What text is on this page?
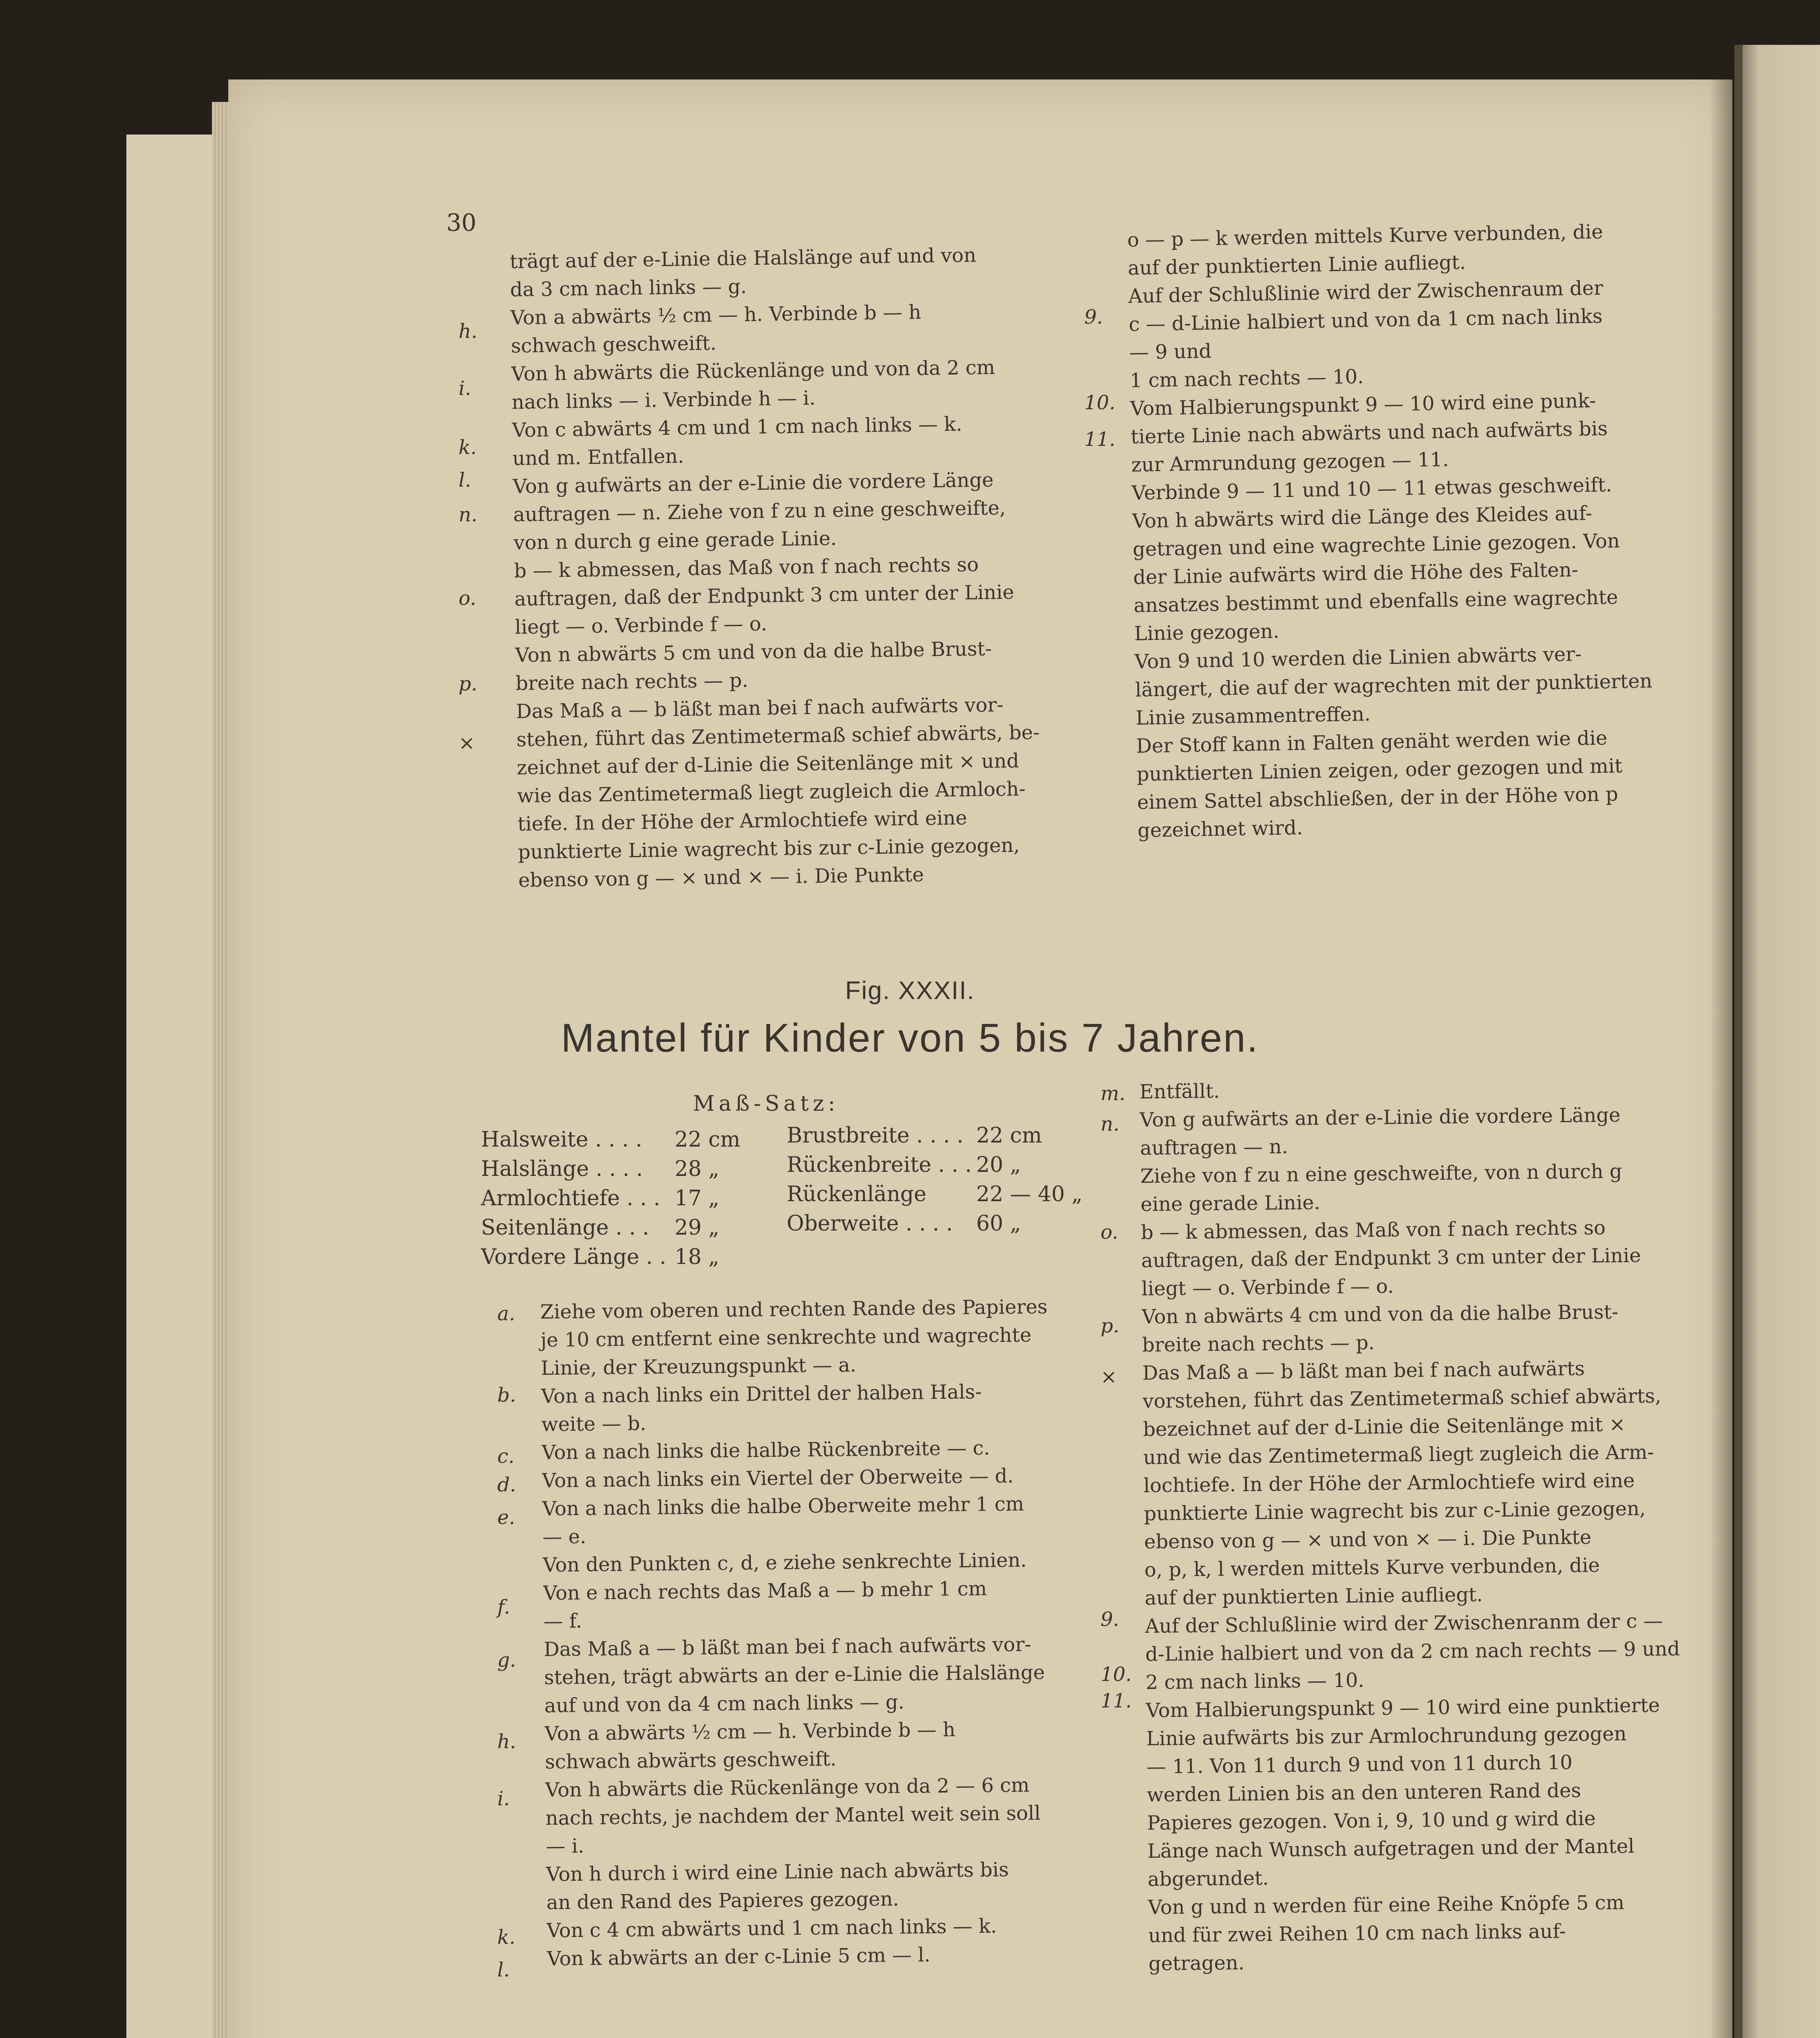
30
trägt auf der e-Linie die Halslänge auf und von
da 3 cm nach links — g.
Von a abwärts ½ cm — h. Verbinde b — h
schwach geschweift.
Von h abwärts die Rückenlänge und von da 2 cm
nach links — i. Verbinde h — i.
Von c abwärts 4 cm und 1 cm nach links — k.
und m. Entfallen.
Von g aufwärts an der e-Linie die vordere Länge
auftragen — n. Ziehe von f zu n eine geschweifte,
von n durch g eine gerade Linie.
b — k abmessen, das Maß von f nach rechts so
auftragen, daß der Endpunkt 3 cm unter der Linie
liegt — o. Verbinde f — o.
Von n abwärts 5 cm und von da die halbe Brust-
breite nach rechts — p.
Das Maß a — b läßt man bei f nach aufwärts vor-
stehen, führt das Zentimetermaß schief abwärts, be-
zeichnet auf der d-Linie die Seitenlänge mit × und
wie das Zentimetermaß liegt zugleich die Armloch-
tiefe. In der Höhe der Armlochtiefe wird eine
punktierte Linie wagrecht bis zur c-Linie gezogen,
ebenso von g — × und × — i. Die Punkte
h.
i.
k.
l.
n.
o.
p.
×
o — p — k werden mittels Kurve verbunden, die
auf der punktierten Linie aufliegt.
Auf der Schlußlinie wird der Zwischenraum der
c — d-Linie halbiert und von da 1 cm nach links
— 9 und
1 cm nach rechts — 10.
Vom Halbierungspunkt 9 — 10 wird eine punk-
tierte Linie nach abwärts und nach aufwärts bis
zur Armrundung gezogen — 11.
Verbinde 9 — 11 und 10 — 11 etwas geschweift.
Von h abwärts wird die Länge des Kleides auf-
getragen und eine wagrechte Linie gezogen. Von
der Linie aufwärts wird die Höhe des Falten-
ansatzes bestimmt und ebenfalls eine wagrechte
Linie gezogen.
Von 9 und 10 werden die Linien abwärts ver-
längert, die auf der wagrechten mit der punktierten
Linie zusammentreffen.
Der Stoff kann in Falten genäht werden wie die
punktierten Linien zeigen, oder gezogen und mit
einem Sattel abschließen, der in der Höhe von p
gezeichnet wird.
9.
10.
11.
Fig. XXXII.
Mantel für Kinder von 5 bis 7 Jahren.
Maß-Satz:
Halsweite . . . .
Halslänge . . . .
Armlochtiefe . . .
Seitenlänge . . .
Vordere Länge . .
22 cm
28 „
17 „
29 „
18 „
Brustbreite . . . .
Rückenbreite . . .
Rückenlänge
Oberweite . . . .
22 cm
20 „
22 — 40 „
60 „
Ziehe vom oberen und rechten Rande des Papieres
je 10 cm entfernt eine senkrechte und wagrechte
Linie, der Kreuzungspunkt — a.
Von a nach links ein Drittel der halben Hals-
weite — b.
Von a nach links die halbe Rückenbreite — c.
Von a nach links ein Viertel der Oberweite — d.
Von a nach links die halbe Oberweite mehr 1 cm
— e.
Von den Punkten c, d, e ziehe senkrechte Linien.
Von e nach rechts das Maß a — b mehr 1 cm
— f.
Das Maß a — b läßt man bei f nach aufwärts vor-
stehen, trägt abwärts an der e-Linie die Halslänge
auf und von da 4 cm nach links — g.
Von a abwärts ½ cm — h. Verbinde b — h
schwach abwärts geschweift.
Von h abwärts die Rückenlänge von da 2 — 6 cm
nach rechts, je nachdem der Mantel weit sein soll
— i.
Von h durch i wird eine Linie nach abwärts bis
an den Rand des Papieres gezogen.
Von c 4 cm abwärts und 1 cm nach links — k.
Von k abwärts an der c-Linie 5 cm — l.
a.
b.
c.
d.
e.
f.
g.
h.
i.
k.
l.
Entfällt.
Von g aufwärts an der e-Linie die vordere Länge
auftragen — n.
Ziehe von f zu n eine geschweifte, von n durch g
eine gerade Linie.
b — k abmessen, das Maß von f nach rechts so
auftragen, daß der Endpunkt 3 cm unter der Linie
liegt — o. Verbinde f — o.
Von n abwärts 4 cm und von da die halbe Brust-
breite nach rechts — p.
Das Maß a — b läßt man bei f nach aufwärts
vorstehen, führt das Zentimetermaß schief abwärts,
bezeichnet auf der d-Linie die Seitenlänge mit ×
und wie das Zentimetermaß liegt zugleich die Arm-
lochtiefe. In der Höhe der Armlochtiefe wird eine
punktierte Linie wagrecht bis zur c-Linie gezogen,
ebenso von g — × und von × — i. Die Punkte
o, p, k, l werden mittels Kurve verbunden, die
auf der punktierten Linie aufliegt.
Auf der Schlußlinie wird der Zwischenranm der c —
d-Linie halbiert und von da 2 cm nach rechts — 9 und
2 cm nach links — 10.
Vom Halbierungspunkt 9 — 10 wird eine punktierte
Linie aufwärts bis zur Armlochrundung gezogen
— 11. Von 11 durch 9 und von 11 durch 10
werden Linien bis an den unteren Rand des
Papieres gezogen. Von i, 9, 10 und g wird die
Länge nach Wunsch aufgetragen und der Mantel
abgerundet.
Von g und n werden für eine Reihe Knöpfe 5 cm
und für zwei Reihen 10 cm nach links auf-
getragen.
m.
n.
o.
p.
×
9.
10.
11.
